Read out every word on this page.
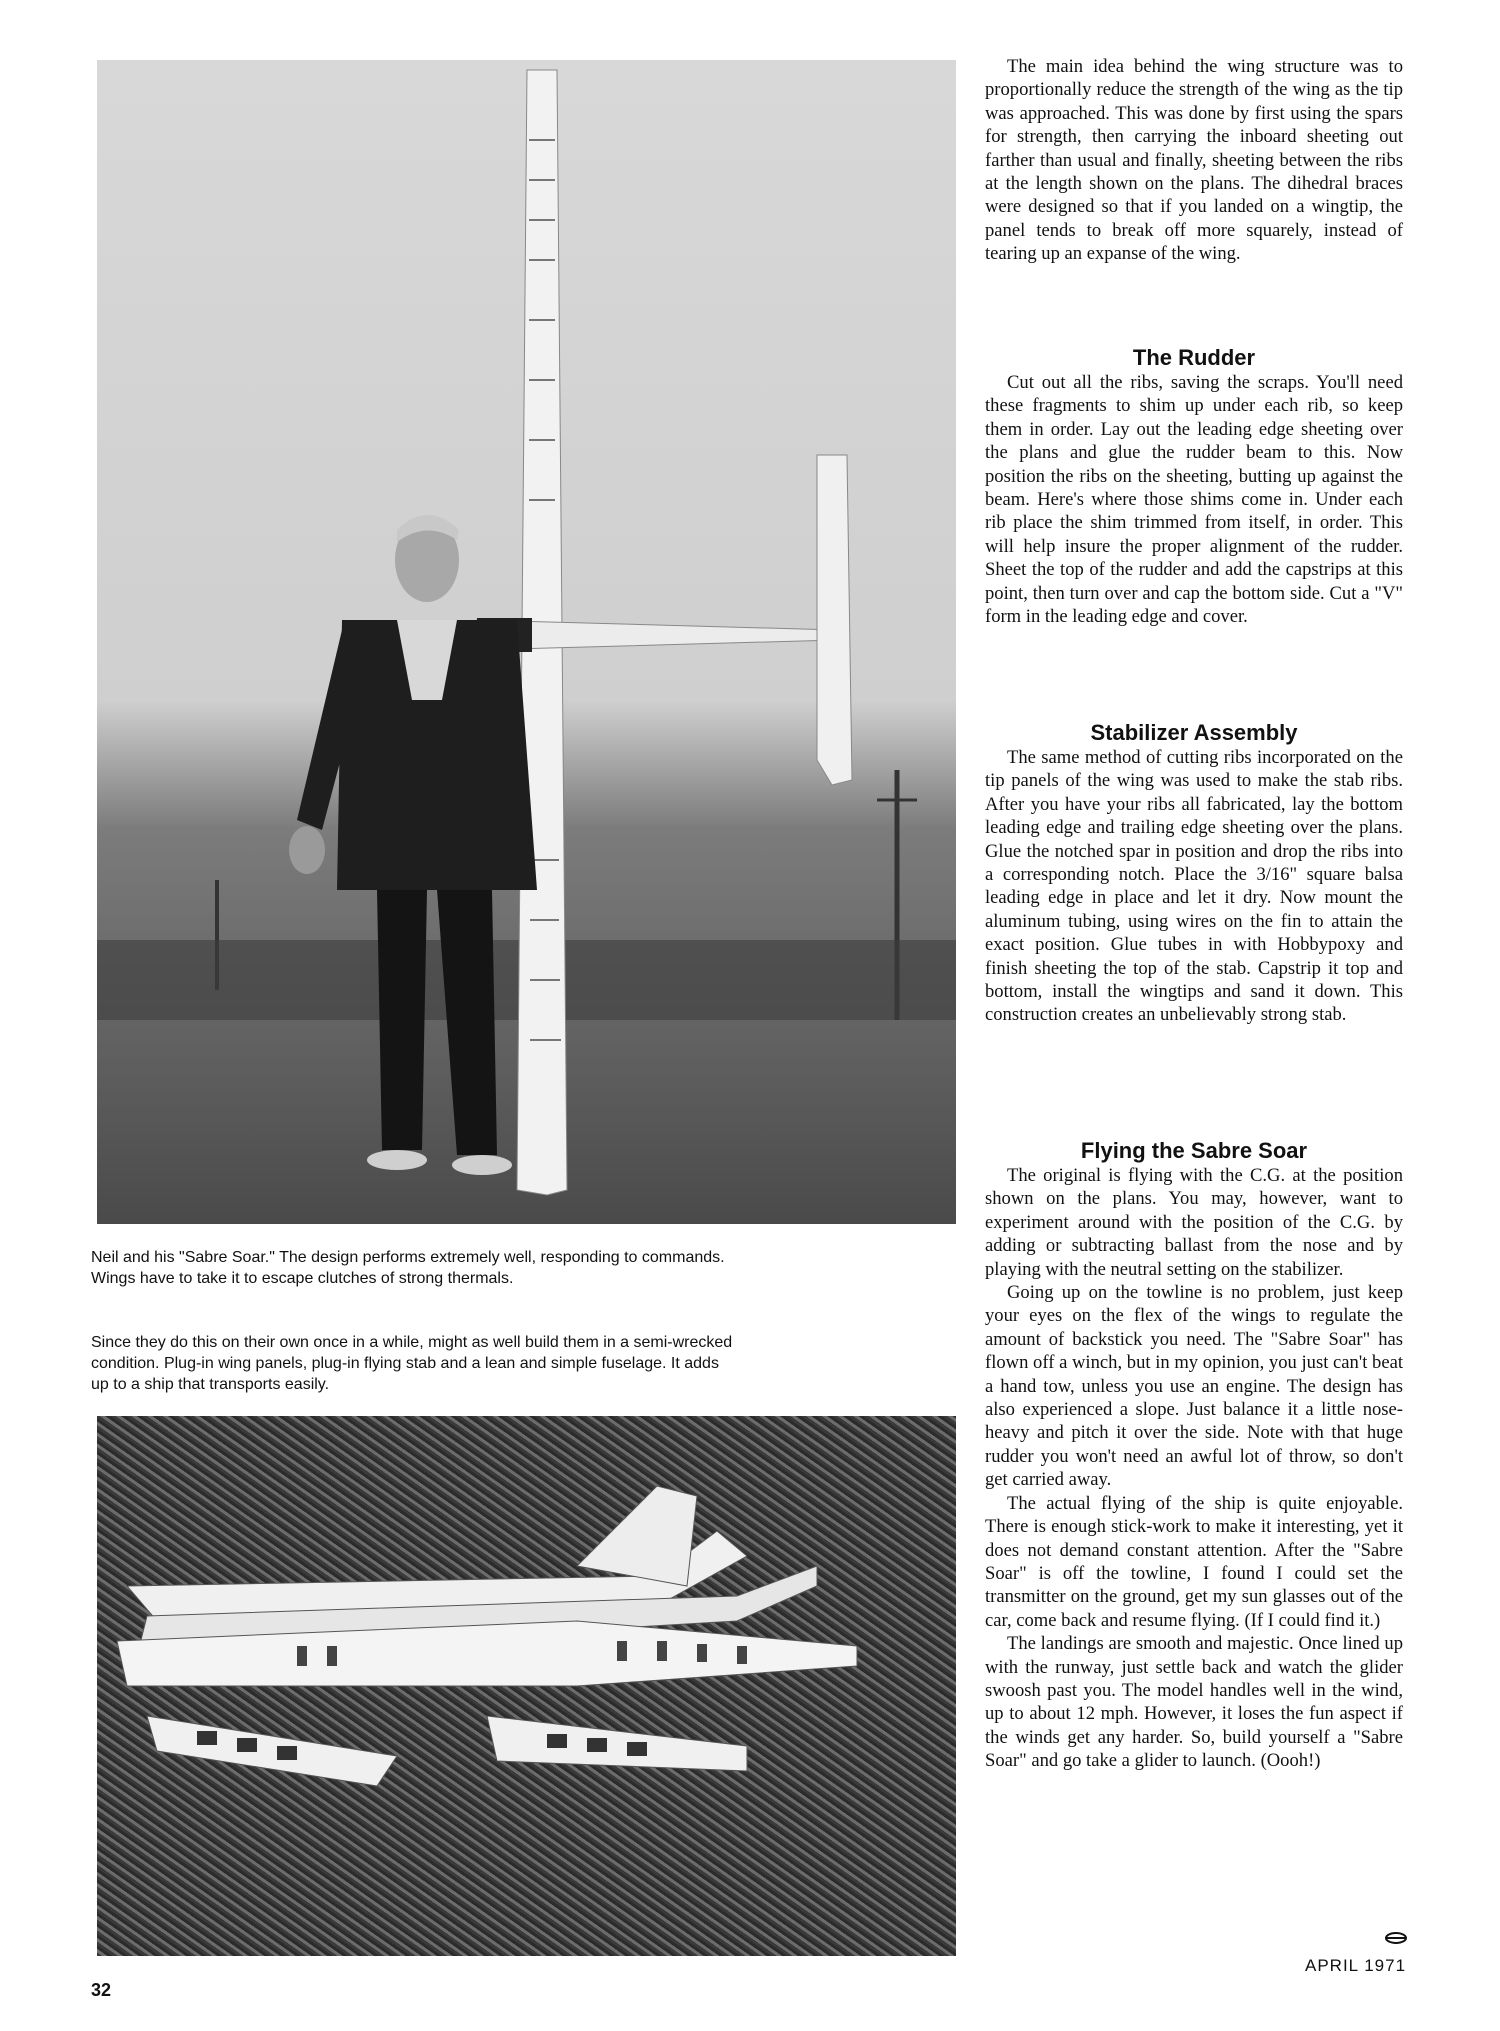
Neil and his "Sabre Soar." The design performs extremely well, responding to commands. Wings have to take it to escape clutches of strong thermals.
Since they do this on their own once in a while, might as well build them in a semi-wrecked condition. Plug-in wing panels, plug-in flying stab and a lean and simple fuselage. It adds up to a ship that transports easily.

The main idea behind the wing structure was to proportionally reduce the strength of the wing as the tip was approached. This was done by first using the spars for strength, then carrying the inboard sheeting out farther than usual and finally, sheeting between the ribs at the length shown on the plans. The dihedral braces were designed so that if you landed on a wingtip, the panel tends to break off more squarely, instead of tearing up an expanse of the wing.

The Rudder

Cut out all the ribs, saving the scraps. You'll need these fragments to shim up under each rib, so keep them in order. Lay out the leading edge sheeting over the plans and glue the rudder beam to this. Now position the ribs on the sheeting, butting up against the beam. Here's where those shims come in. Under each rib place the shim trimmed from itself, in order. This will help insure the proper alignment of the rudder. Sheet the top of the rudder and add the capstrips at this point, then turn over and cap the bottom side. Cut a "V" form in the leading edge and cover.

Stabilizer Assembly

The same method of cutting ribs incorporated on the tip panels of the wing was used to make the stab ribs. After you have your ribs all fabricated, lay the bottom leading edge and trailing edge sheeting over the plans. Glue the notched spar in position and drop the ribs into a corresponding notch. Place the 3/16" square balsa leading edge in place and let it dry. Now mount the aluminum tubing, using wires on the fin to attain the exact position. Glue tubes in with Hobbypoxy and finish sheeting the top of the stab. Capstrip it top and bottom, install the wingtips and sand it down. This construction creates an unbelievably strong stab.

Flying the Sabre Soar

The original is flying with the C.G. at the position shown on the plans. You may, however, want to experiment around with the position of the C.G. by adding or subtracting ballast from the nose and by playing with the neutral setting on the stabilizer.

Going up on the towline is no problem, just keep your eyes on the flex of the wings to regulate the amount of backstick you need. The "Sabre Soar" has flown off a winch, but in my opinion, you just can't beat a hand tow, unless you use an engine. The design has also experienced a slope. Just balance it a little nose-heavy and pitch it over the side. Note with that huge rudder you won't need an awful lot of throw, so don't get carried away.

The actual flying of the ship is quite enjoyable. There is enough stick-work to make it interesting, yet it does not demand constant attention. After the "Sabre Soar" is off the towline, I found I could set the transmitter on the ground, get my sun glasses out of the car, come back and resume flying. (If I could find it.)

The landings are smooth and majestic. Once lined up with the runway, just settle back and watch the glider swoosh past you. The model handles well in the wind, up to about 12 mph. However, it loses the fun aspect if the winds get any harder. So, build yourself a "Sabre Soar" and go take a glider to launch. (Oooh!)

APRIL 1971
32
